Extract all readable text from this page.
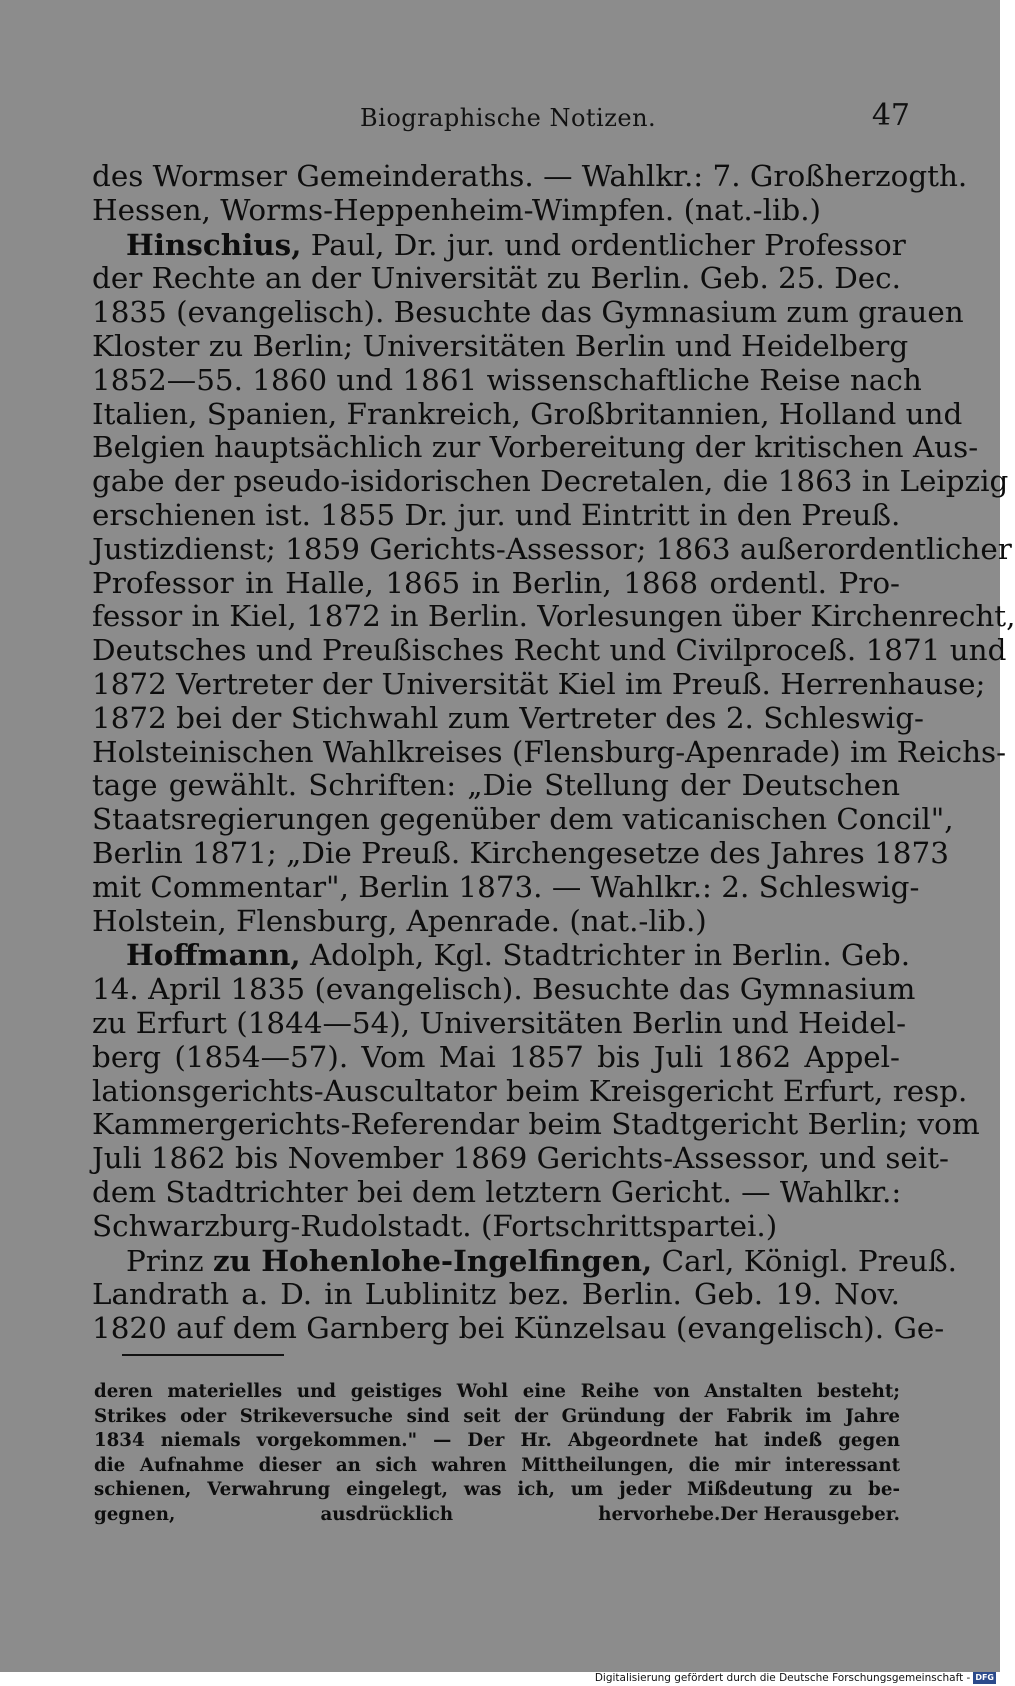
Biographische Notizen.	47
des Wormser Gemeinderaths. — Wahlkr.: 7. Großherzogth.
Hessen, Worms-Heppenheim-Wimpfen. (nat.-lib.)
Hinschius, Paul, Dr. jur. und ordentlicher Professor
der Rechte an der Universität zu Berlin. Geb. 25. Dec.
1835 (evangelisch). Besuchte das Gymnasium zum grauen
Kloster zu Berlin; Universitäten Berlin und Heidelberg
1852—55. 1860 und 1861 wissenschaftliche Reise nach
Italien, Spanien, Frankreich, Großbritannien, Holland und
Belgien hauptsächlich zur Vorbereitung der kritischen Aus-
gabe der pseudo-isidorischen Decretalen, die 1863 in Leipzig
erschienen ist. 1855 Dr. jur. und Eintritt in den Preuß.
Justizdienst; 1859 Gerichts-Assessor; 1863 außerordentlicher
Professor in Halle, 1865 in Berlin, 1868 ordentl. Pro-
fessor in Kiel, 1872 in Berlin. Vorlesungen über Kirchenrecht,
Deutsches und Preußisches Recht und Civilproceß. 1871 und
1872 Vertreter der Universität Kiel im Preuß. Herrenhause;
1872 bei der Stichwahl zum Vertreter des 2. Schleswig-
Holsteinischen Wahlkreises (Flensburg-Apenrade) im Reichs-
tage gewählt. Schriften: „Die Stellung der Deutschen
Staatsregierungen gegenüber dem vaticanischen Concil",
Berlin 1871; „Die Preuß. Kirchengesetze des Jahres 1873
mit Commentar", Berlin 1873. — Wahlkr.: 2. Schleswig-
Holstein, Flensburg, Apenrade. (nat.-lib.)
Hoffmann, Adolph, Kgl. Stadtrichter in Berlin. Geb.
14. April 1835 (evangelisch). Besuchte das Gymnasium
zu Erfurt (1844—54), Universitäten Berlin und Heidel-
berg (1854—57). Vom Mai 1857 bis Juli 1862 Appel-
lationsgerichts-Auscultator beim Kreisgericht Erfurt, resp.
Kammergerichts-Referendar beim Stadtgericht Berlin; vom
Juli 1862 bis November 1869 Gerichts-Assessor, und seit-
dem Stadtrichter bei dem letztern Gericht. — Wahlkr.:
Schwarzburg-Rudolstadt. (Fortschrittspartei.)
Prinz zu Hohenlohe-Ingelfingen, Carl, Königl. Preuß.
Landrath a. D. in Lublinitz bez. Berlin. Geb. 19. Nov.
1820 auf dem Garnberg bei Künzelsau (evangelisch). Ge-
deren materielles und geistiges Wohl eine Reihe von Anstalten besteht;
Strikes oder Strikeversuche sind seit der Gründung der Fabrik im Jahre
1834 niemals vorgekommen." — Der Hr. Abgeordnete hat indeß gegen
die Aufnahme dieser an sich wahren Mittheilungen, die mir interessant
schienen, Verwahrung eingelegt, was ich, um jeder Mißdeutung zu be-
gegnen, ausdrücklich hervorhebe. Der Herausgeber.
Digitalisierung gefördert durch die Deutsche Forschungsgemeinschaft - DFG
